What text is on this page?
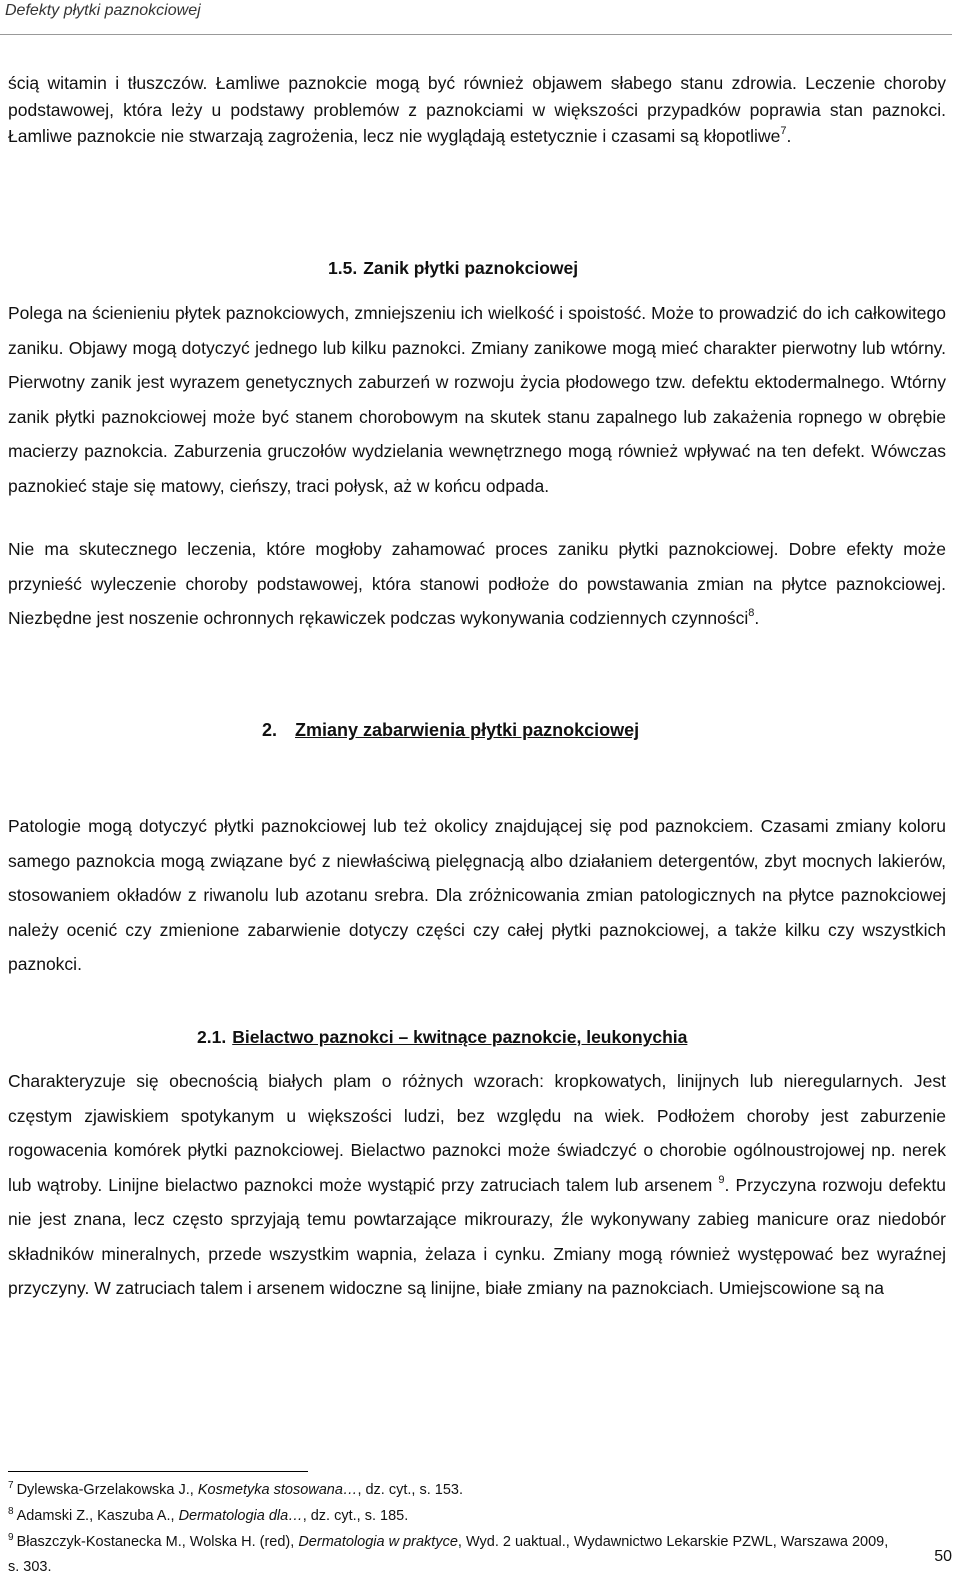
Defekty płytki paznokciowej

ścią witamin i tłuszczów. Łamliwe paznokcie mogą być również objawem słabego stanu zdrowia. Leczenie choroby podstawowej, która leży u podstawy problemów z paznokciami w większości przypadków poprawia stan paznokci. Łamliwe paznokcie nie stwarzają zagrożenia, lecz nie wyglądają estetycznie i czasami są kłopotliwe$^7$.

1.5. Zanik płytki paznokciowej

Polega na ścienieniu płytek paznokciowych, zmniejszeniu ich wielkość i spoistość. Może to prowadzić do ich całkowitego zaniku. Objawy mogą dotyczyć jednego lub kilku paznokci. Zmiany zanikowe mogą mieć charakter pierwotny lub wtórny. Pierwotny zanik jest wyrazem genetycznych zaburzeń w rozwoju życia płodowego tzw. defektu ektodermalnego. Wtórny zanik płytki paznokciowej może być stanem chorobowym na skutek stanu zapalnego lub zakażenia ropnego w obrębie macierzy paznokcia. Zaburzenia gruczołów wydzielania wewnętrznego mogą również wpływać na ten defekt. Wówczas paznokieć staje się matowy, cieńszy, traci połysk, aż w końcu odpada.

Nie ma skutecznego leczenia, które mogłoby zahamować proces zaniku płytki paznokciowej. Dobre efekty może przynieść wyleczenie choroby podstawowej, która stanowi podłoże do powstawania zmian na płytce paznokciowej. Niezbędne jest noszenie ochronnych rękawiczek podczas wykonywania codziennych czynności$^8$.

2. Zmiany zabarwienia płytki paznokciowej

Patologie mogą dotyczyć płytki paznokciowej lub też okolicy znajdującej się pod paznokciem. Czasami zmiany koloru samego paznokcia mogą związane być z niewłaściwą pielęgnacją albo działaniem detergentów, zbyt mocnych lakierów, stosowaniem okładów z riwanolu lub azotanu srebra. Dla zróżnicowania zmian patologicznych na płytce paznokciowej należy ocenić czy zmienione zabarwienie dotyczy części czy całej płytki paznokciowej, a także kilku czy wszystkich paznokci.

2.1. Bielactwo paznokci – kwitnące paznokcie, leukonychia

Charakteryzuje się obecnością białych plam o różnych wzorach: kropkowatych, linijnych lub nieregularnych. Jest częstym zjawiskiem spotykanym u większości ludzi, bez względu na wiek. Podłożem choroby jest zaburzenie rogowacenia komórek płytki paznokciowej. Bielactwo paznokci może świadczyć o chorobie ogólnoustrojowej np. nerek lub wątroby. Linijne bielactwo paznokci może wystąpić przy zatruciach talem lub arsenem $^9$. Przyczyna rozwoju defektu nie jest znana, lecz często sprzyjają temu powtarzające mikrourazy, źle wykonywany zabieg manicure oraz niedobór składników mineralnych, przede wszystkim wapnia, żelaza i cynku. Zmiany mogą również występować bez wyraźnej przyczyny. W zatruciach talem i arsenem widoczne są linijne, białe zmiany na paznokciach. Umiejscowione są na

$^7$ Dylewska-Grzelakowska J., Kosmetyka stosowana…, dz. cyt., s. 153.

$^8$ Adamski Z., Kaszuba A., Dermatologia dla…, dz. cyt., s. 185.

$^9$ Błaszczyk-Kostanecka M., Wolska H. (red), Dermatologia w praktyce, Wyd. 2 uaktual., Wydawnictwo Lekarskie PZWL, Warszawa 2009, s. 303.

50
